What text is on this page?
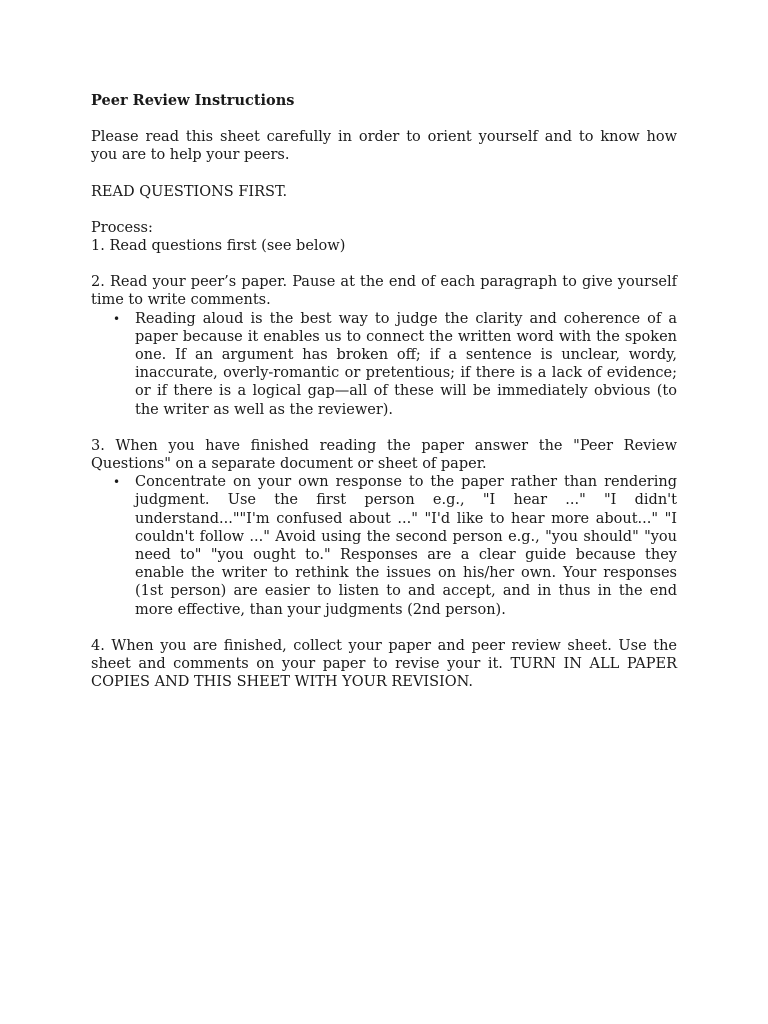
Peer Review Instructions

Please read this sheet carefully in order to orient yourself and to know how you are to help your peers.

READ QUESTIONS FIRST.

Process:

1. Read questions first (see below)

2. Read your peer’s paper. Pause at the end of each paragraph to give yourself time to write comments.

• Reading aloud is the best way to judge the clarity and coherence of a paper because it enables us to connect the written word with the spoken one. If an argument has broken off; if a sentence is unclear, wordy, inaccurate, overly-romantic or pretentious; if there is a lack of evidence; or if there is a logical gap—all of these will be immediately obvious (to the writer as well as the reviewer).

3. When you have finished reading the paper answer the "Peer Review Questions" on a separate document or sheet of paper.

• Concentrate on your own response to the paper rather than rendering judgment. Use the first person e.g., "I hear ..." "I didn't understand...""I'm confused about ..." "I'd like to hear more about..." "I couldn't follow ..." Avoid using the second person e.g., "you should" "you need to" "you ought to." Responses are a clear guide because they enable the writer to rethink the issues on his/her own. Your responses (1st person) are easier to listen to and accept, and in thus in the end more effective, than your judgments (2nd person).

4. When you are finished, collect your paper and peer review sheet. Use the sheet and comments on your paper to revise your it. TURN IN ALL PAPER COPIES AND THIS SHEET WITH YOUR REVISION.
